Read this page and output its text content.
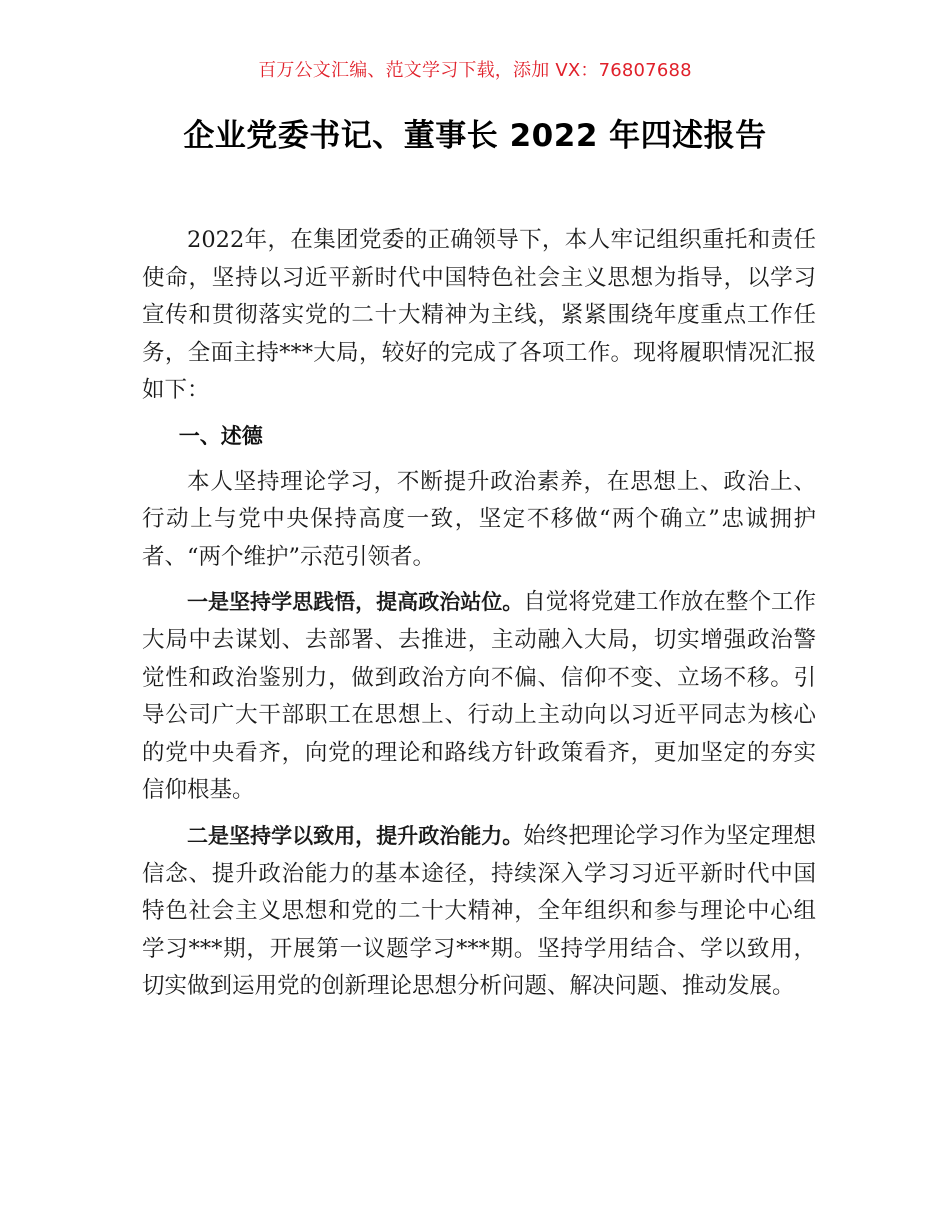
百万公文汇编、范文学习下载，添加 VX：76807688
企业党委书记、董事长 2022 年四述报告

2022年，在集团党委的正确领导下，本人牢记组织重托和责任使命，坚持以习近平新时代中国特色社会主义思想为指导，以学习宣传和贯彻落实党的二十大精神为主线，紧紧围绕年度重点工作任务，全面主持***大局，较好的完成了各项工作。现将履职情况汇报如下：

一、述德

本人坚持理论学习，不断提升政治素养，在思想上、政治上、行动上与党中央保持高度一致，坚定不移做“两个确立”忠诚拥护者、“两个维护”示范引领者。

一是坚持学思践悟，提高政治站位。自觉将党建工作放在整个工作大局中去谋划、去部署、去推进，主动融入大局，切实增强政治警觉性和政治鉴别力，做到政治方向不偏、信仰不变、立场不移。引导公司广大干部职工在思想上、行动上主动向以习近平同志为核心的党中央看齐，向党的理论和路线方针政策看齐，更加坚定的夯实信仰根基。

二是坚持学以致用，提升政治能力。始终把理论学习作为坚定理想信念、提升政治能力的基本途径，持续深入学习习近平新时代中国特色社会主义思想和党的二十大精神，全年组织和参与理论中心组学习***期，开展第一议题学习***期。坚持学用结合、学以致用，切实做到运用党的创新理论思想分析问题、解决问题、推动发展。
